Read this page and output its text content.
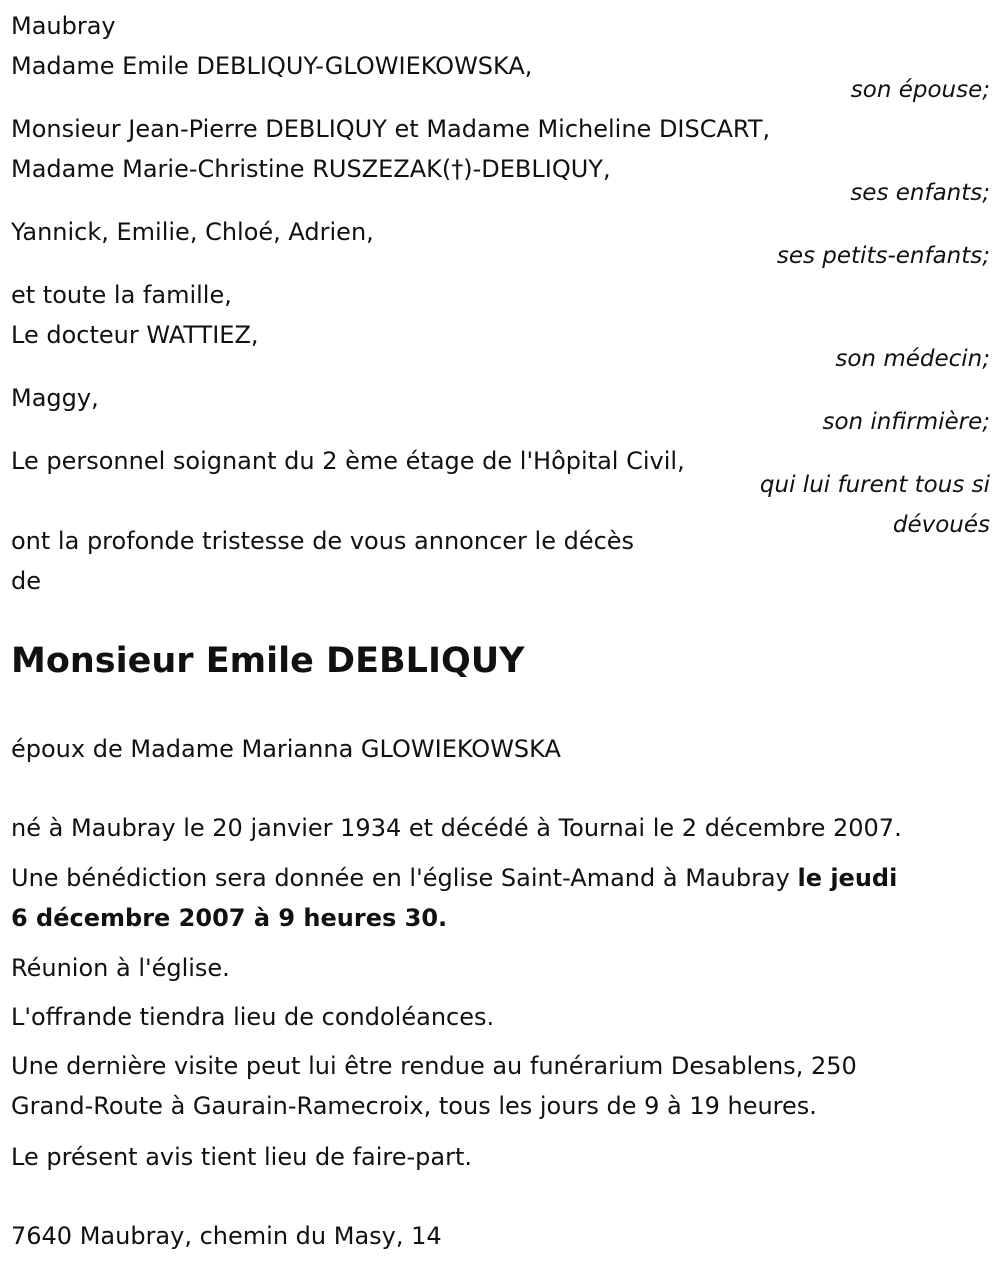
Maubray
Madame Emile DEBLIQUY-GLOWIEKOWSKA,
son épouse;
Monsieur Jean-Pierre DEBLIQUY et Madame Micheline DISCART,
Madame Marie-Christine RUSZEZAK(†)-DEBLIQUY,
ses enfants;
Yannick, Emilie, Chloé, Adrien,
ses petits-enfants;
et toute la famille,
Le docteur WATTIEZ,
son médecin;
Maggy,
son infirmière;
Le personnel soignant du 2 ème étage de l'Hôpital Civil,
qui lui furent tous si
dévoués
ont la profonde tristesse de vous annoncer le décès
de
Monsieur Emile DEBLIQUY
époux de Madame Marianna GLOWIEKOWSKA
né à Maubray le 20 janvier 1934 et décédé à Tournai le 2 décembre 2007.
Une bénédiction sera donnée en l'église Saint-Amand à Maubray le jeudi
6 décembre 2007 à 9 heures 30.
Réunion à l'église.
L'offrande tiendra lieu de condoléances.
Une dernière visite peut lui être rendue au funérarium Desablens, 250
Grand-Route à Gaurain-Ramecroix, tous les jours de 9 à 19 heures.
Le présent avis tient lieu de faire-part.
7640 Maubray, chemin du Masy, 14
